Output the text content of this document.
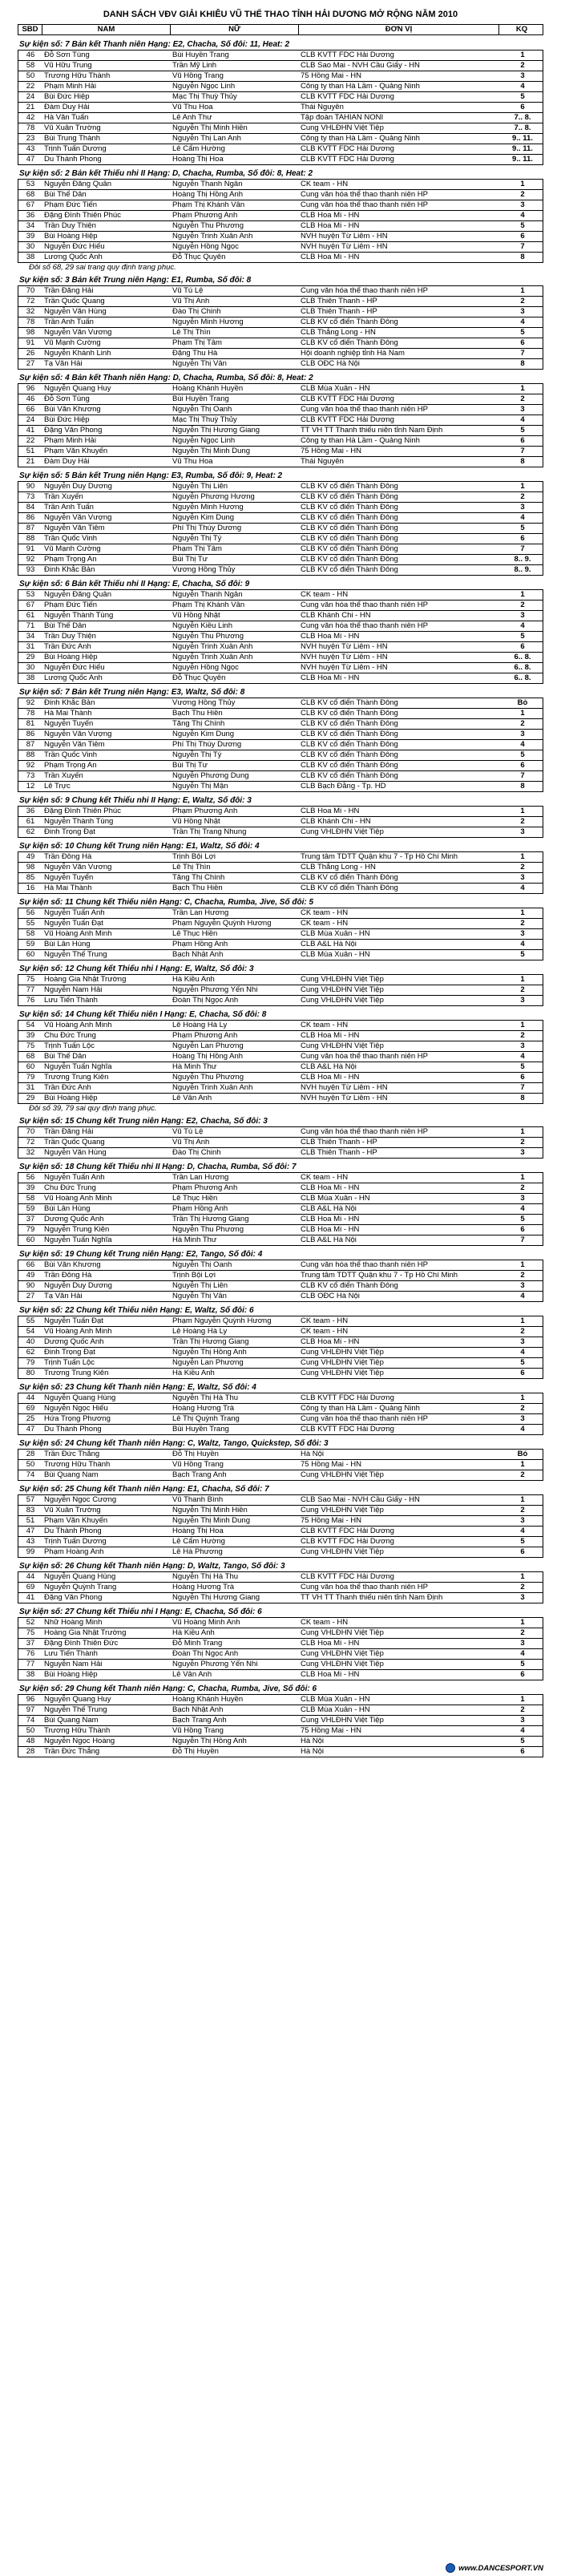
DANH SÁCH VĐV GIẢI KHIÊU VŨ THỂ THAO TỈNH HẢI DƯƠNG MỞ RỘNG NĂM 2010
SBD	NAM	NỮ	ĐƠN VỊ	KQ
Sự kiện số: 7 Bản kết Thanh niên Hạng: E2, Chacha, Số đôi: 11, Heat: 2
46	Đỗ Sơn Tùng	Bùi Huyền Trang	CLB KVTT FDC Hải Dương	1
58	Vũ Hữu Trung	Trần Mỹ Linh	CLB Sao Mai - NVH Cầu Giấy - HN	2
50	Trương Hữu Thành	Vũ Hồng Trang	75 Hồng Mai - HN	3
22	Phạm Minh Hải	Nguyễn Ngọc Linh	Công ty than Hà Lầm - Quảng Ninh	4
24	Bùi Đức Hiệp	Mạc Thị Thuỳ Thủy	CLB KVTT FDC Hải Dương	5
21	Đàm Duy Hải	Vũ Thu Hoa	Thái Nguyên	6
42	Hà Văn Tuấn	Lê Anh Thư	Tập đoàn TAHIAN NONI	7.. 8.
78	Vũ Xuân Trường	Nguyễn Thị Minh Hiền	Cung VHLĐHN Việt Tiệp	7.. 8.
23	Bùi Trung Thành	Nguyễn Thị Lan Anh	Công ty than Hà Lầm - Quảng Ninh	9.. 11.
43	Trịnh Tuấn Dương	Lê Cẩm Hường	CLB KVTT FDC Hải Dương	9.. 11.
47	Du Thành Phong	Hoàng Thị Hoa	CLB KVTT FDC Hải Dương	9.. 11.
Sự kiện số: 2 Bản kết Thiếu nhi II Hạng: D, Chacha, Rumba, Số đôi: 8, Heat: 2
53	Nguyễn Đăng Quân	Nguyễn Thanh Ngân	CK team - HN	1
68	Bùi Thế Dân	Hoàng Thị Hồng Anh	Cung văn hóa thể thao thanh niên HP	2
67	Phạm Đức Tiến	Phạm Thị Khánh Vân	Cung văn hóa thể thao thanh niên HP	3
36	Đặng Đình Thiên Phúc	Phạm Phương Anh	CLB Hoa Mi - HN	4
34	Trần Duy Thiện	Nguyễn Thu Phương	CLB Hoa Mi - HN	5
39	Bùi Hoàng Hiệp	Nguyễn Trinh Xuân Anh	NVH huyện Từ Liêm - HN	6
30	Nguyễn Đức Hiếu	Nguyễn Hồng Ngọc	NVH huyện Từ Liêm - HN	7
38	Lương Quốc Anh	Đỗ Thục Quyên	CLB Hoa Mi - HN	8
Đôi số 68, 29 sai trang quy định trang phục.
Sự kiện số: 3 Bản kết Trung niên Hạng: E1, Rumba, Số đôi: 8
70	Trần Đăng Hải	Vũ Tú Lệ	Cung văn hóa thể thao thanh niên HP	1
72	Trần Quốc Quang	Vũ Thị Anh	CLB Thiên Thanh - HP	2
32	Nguyễn Văn Hùng	Đào Thị Chinh	CLB Thiên Thanh - HP	3
78	Trần Anh Tuấn	Nguyễn Minh Hương	CLB KV cổ điển Thành Đông	4
98	Nguyễn Văn Vương	Lê Thị Thìn	CLB Thắng Long - HN	5
91	Vũ Mạnh Cường	Phạm Thị Tâm	CLB KV cổ điển Thành Đông	6
26	Nguyễn Khánh Linh	Đặng Thu Hà	Hội doanh nghiệp tỉnh Hà Nam	7
27	Tạ Văn Hải	Nguyễn Thị Vân	CLB OĐC Hà Nội	8
Sự kiện số: 4 Bản kết Thanh niên Hạng: D, Chacha, Rumba, Số đôi: 8, Heat: 2
96	Nguyễn Quang Huy	Hoàng Khánh Huyền	CLB Mùa Xuân - HN	1
46	Đỗ Sơn Tùng	Bùi Huyền Trang	CLB KVTT FDC Hải Dương	2
66	Bùi Văn Khương	Nguyễn Thị Oanh	Cung văn hóa thể thao thanh niên HP	3
24	Bùi Đức Hiệp	Mạc Thị Thuỳ Thủy	CLB KVTT FDC Hải Dương	4
41	Đặng Văn Phong	Nguyễn Thị Hương Giang	TT VH TT Thanh thiếu niên tỉnh Nam Định	5
22	Phạm Minh Hải	Nguyễn Ngọc Linh	Công ty than Hà Lầm - Quảng Ninh	6
51	Phạm Văn Khuyến	Nguyễn Thị Minh Dung	75 Hồng Mai - HN	7
21	Đàm Duy Hải	Vũ Thu Hoa	Thái Nguyên	8
Sự kiện số: 5 Bản kết Trung niên Hạng: E3, Rumba, Số đôi: 9, Heat: 2
90	Nguyễn Duy Dương	Nguyễn Thị Liên	CLB KV cổ điển Thành Đông	1
73	Trần Xuyến	Nguyễn Phương Hương	CLB KV cổ điển Thành Đông	2
84	Trần Anh Tuấn	Nguyễn Minh Hương	CLB KV cổ điển Thành Đông	3
86	Nguyễn Văn Vượng	Nguyễn Kim Dung	CLB KV cổ điển Thành Đông	4
87	Nguyễn Văn Tiêm	Phí Thị Thúy Dương	CLB KV cổ điển Thành Đông	5
88	Trần Quốc Vinh	Nguyễn Thị Tý	CLB KV cổ điển Thành Đông	6
91	Vũ Mạnh Cường	Phạm Thị Tâm	CLB KV cổ điển Thành Đông	7
92	Phạm Trọng An	Bùi Thị Tư	CLB KV cổ điển Thành Đông	8.. 9.
93	Đinh Khắc Bản	Vương Hồng Thủy	CLB KV cổ điển Thành Đông	8.. 9.
Sự kiện số: 6 Bản kết Thiếu nhi II Hạng: E, Chacha, Số đôi: 9
53	Nguyễn Đăng Quân	Nguyễn Thanh Ngân	CK team - HN	1
67	Phạm Đức Tiến	Phạm Thị Khánh Vân	Cung văn hóa thể thao thanh niên HP	2
61	Nguyễn Thành Tùng	Vũ Hồng Nhật	CLB Khánh Chi - HN	3
71	Bùi Thế Dân	Nguyễn Kiều Linh	Cung văn hóa thể thao thanh niên HP	4
34	Trần Duy Thiện	Nguyễn Thu Phương	CLB Hoa Mi - HN	5
31	Trần Đức Anh	Nguyễn Trinh Xuân Anh	NVH huyện Từ Liêm - HN	6
29	Bùi Hoàng Hiệp	Nguyễn Trinh Xuân Anh	NVH huyện Từ Liêm - HN	6.. 8.
30	Nguyễn Đức Hiếu	Nguyễn Hồng Ngọc	NVH huyện Từ Liêm - HN	6.. 8.
38	Lương Quốc Anh	Đỗ Thục Quyên	CLB Hoa Mi - HN	6.. 8.
Sự kiện số: 7 Bản kết Trung niên Hạng: E3, Waltz, Số đôi: 8
92	Đinh Khắc Bản	Vương Hồng Thủy	CLB KV cổ điển Thành Đông	Bỏ
78	Hà Mai Thành	Bạch Thu Hiền	CLB KV cổ điển Thành Đông	1
81	Nguyễn Tuyến	Tăng Thị Chính	CLB KV cổ điển Thành Đông	2
86	Nguyễn Văn Vượng	Nguyễn Kim Dung	CLB KV cổ điển Thành Đông	3
87	Nguyễn Văn Tiêm	Phí Thị Thúy Dương	CLB KV cổ điển Thành Đông	4
88	Trần Quốc Vinh	Nguyễn Thị Tý	CLB KV cổ điển Thành Đông	5
92	Phạm Trọng An	Bùi Thị Tư	CLB KV cổ điển Thành Đông	6
73	Trần Xuyến	Nguyễn Phương Dung	CLB KV cổ điển Thành Đông	7
12	Lê Trực	Nguyễn Thị Mận	CLB Bạch Đằng - Tp. HD	8
Sự kiện số: 9 Chung kết Thiếu nhi II Hạng: E, Waltz, Số đôi: 3
36	Đặng Đình Thiên Phúc	Phạm Phương Anh	CLB Hoa Mi - HN	1
61	Nguyễn Thành Tùng	Vũ Hồng Nhật	CLB Khánh Chi - HN	2
62	Đinh Trọng Đạt	Trần Thị Trang Nhung	Cung VHLĐHN Việt Tiệp	3
Sự kiện số: 10 Chung kết Trung niên Hạng: E1, Waltz, Số đôi: 4
49	Trần Đông Hà	Trịnh Bội Lợi	Trung tâm TDTT Quận khu 7 - Tp Hồ Chí Minh	1
98	Nguyễn Văn Vương	Lê Thị Thìn	CLB Thắng Long - HN	2
85	Nguyễn Tuyển	Tăng Thị Chính	CLB KV cổ điển Thành Đông	3
16	Hà Mai Thành	Bạch Thu Hiền	CLB KV cổ điển Thành Đông	4
Sự kiện số: 11 Chung kết Thiếu niên Hạng: C, Chacha, Rumba, Jive, Số đôi: 5
56	Nguyễn Tuấn Anh	Trần Lan Hương	CK team - HN	1
55	Nguyễn Tuấn Đạt	Phạm Nguyễn Quỳnh Hương	CK team - HN	2
58	Vũ Hoàng Anh Minh	Lê Thục Hiền	CLB Mùa Xuân - HN	3
59	Bùi Lân Hùng	Phạm Hồng Anh	CLB A&L Hà Nội	4
60	Nguyễn Thế Trung	Bạch Nhật Anh	CLB Mùa Xuân - HN	5
Sự kiện số: 12 Chung kết Thiếu nhi I Hạng: E, Waltz, Số đôi: 3
75	Hoàng Gia Nhật Trường	Hà Kiều Anh	Cung VHLĐHN Việt Tiệp	1
77	Nguyễn Nam Hải	Nguyễn Phương Yến Nhi	Cung VHLĐHN Việt Tiệp	2
76	Lưu Tiến Thành	Đoàn Thị Ngọc Anh	Cung VHLĐHN Việt Tiệp	3
Sự kiện số: 14 Chung kết Thiếu niên I Hạng: E, Chacha, Số đôi: 8
54	Vũ Hoàng Anh Minh	Lê Hoàng Hà Ly	CK team - HN	1
39	Chu Đức Trung	Phạm Phương Anh	CLB Hoa Mi - HN	2
75	Trịnh Tuấn Lộc	Nguyễn Lan Phương	Cung VHLĐHN Việt Tiệp	3
68	Bùi Thế Dân	Hoàng Thị Hồng Anh	Cung văn hóa thể thao thanh niên HP	4
60	Nguyễn Tuấn Nghĩa	Hà Minh Thư	CLB A&L Hà Nội	5
79	Trương Trung Kiên	Nguyễn Thu Phương	CLB Hoa Mi - HN	6
31	Trần Đức Anh	Nguyễn Trinh Xuân Anh	NVH huyện Từ Liêm - HN	7
29	Bùi Hoàng Hiệp	Lê Vân Anh	NVH huyện Từ Liêm - HN	8
Đôi số 39, 79 sai quy định trang phục.
Sự kiện số: 15 Chung kết Trung niên Hạng: E2, Chacha, Số đôi: 3
70	Trần Đăng Hải	Vũ Tú Lệ	Cung văn hóa thể thao thanh niên HP	1
72	Trần Quốc Quang	Vũ Thị Anh	CLB Thiên Thanh - HP	2
32	Nguyễn Văn Hùng	Đào Thị Chinh	CLB Thiên Thanh - HP	3
Sự kiện số: 18 Chung kết Thiếu nhi II Hạng: D, Chacha, Rumba, Số đôi: 7
56	Nguyễn Tuấn Anh	Trần Lan Hương	CK team - HN	1
39	Chu Đức Trung	Phạm Phương Anh	CLB Hoa Mi - HN	2
58	Vũ Hoàng Anh Minh	Lê Thục Hiền	CLB Mùa Xuân - HN	3
59	Bùi Lân Hùng	Phạm Hồng Anh	CLB A&L Hà Nội	4
37	Dương Quốc Anh	Trần Thị Hương Giang	CLB Hoa Mi - HN	5
79	Nguyễn Trung Kiên	Nguyễn Thu Phương	CLB Hoa Mi - HN	6
60	Nguyễn Tuấn Nghĩa	Hà Minh Thư	CLB A&L Hà Nội	7
Sự kiện số: 19 Chung kết Trung niên Hạng: E2, Tango, Số đôi: 4
66	Bùi Văn Khương	Nguyễn Thị Oanh	Cung văn hóa thể thao thanh niên HP	1
49	Trần Đông Hà	Trịnh Bội Lợi	Trung tâm TDTT Quận khu 7 - Tp Hồ Chí Minh	2
90	Nguyễn Duy Dương	Nguyễn Thị Liên	CLB KV cổ điển Thành Đông	3
27	Tạ Văn Hải	Nguyễn Thị Vân	CLB OĐC Hà Nội	4
Sự kiện số: 22 Chung kết Thiếu niên Hạng: E, Waltz, Số đôi: 6
55	Nguyễn Tuấn Đạt	Phạm Nguyễn Quỳnh Hương	CK team - HN	1
54	Vũ Hoàng Anh Minh	Lê Hoàng Hà Ly	CK team - HN	2
40	Dương Quốc Anh	Trần Thị Hương Giang	CLB Hoa Mi - HN	3
62	Đinh Trọng Đạt	Nguyễn Thị Hồng Anh	Cung VHLĐHN Việt Tiệp	4
79	Trịnh Tuấn Lộc	Nguyễn Lan Phương	Cung VHLĐHN Việt Tiệp	5
80	Trương Trung Kiên	Hà Kiều Anh	Cung VHLĐHN Việt Tiệp	6
Sự kiện số: 23 Chung kết Thanh niên Hạng: E, Waltz, Số đôi: 4
44	Nguyễn Quang Hùng	Nguyễn Thị Hà Thu	CLB KVTT FDC Hải Dương	1
69	Nguyễn Ngọc Hiếu	Hoàng Hương Trà	Công ty than Hà Lầm - Quảng Ninh	2
25	Hứa Trọng Phương	Lê Thị Quỳnh Trang	Cung văn hóa thể thao thanh niên HP	3
47	Du Thành Phong	Bùi Huyền Trang	CLB KVTT FDC Hải Dương	4
Sự kiện số: 24 Chung kết Thanh niên Hạng: C, Waltz, Tango, Quickstep, Số đôi: 3
28	Trần Đức Thắng	Đỗ Thị Huyền	Hà Nội	Bỏ
50	Trương Hữu Thành	Vũ Hồng Trang	75 Hồng Mai - HN	1
74	Bùi Quang Nam	Bạch Trang Anh	Cung VHLĐHN Việt Tiệp	2
Sự kiện số: 25 Chung kết Thanh niên Hạng: E1, Chacha, Số đôi: 7
57	Nguyễn Ngọc Cương	Vũ Thanh Bình	CLB Sao Mai - NVH Cầu Giấy - HN	1
83	Vũ Xuân Trường	Nguyễn Thị Minh Hiền	Cung VHLĐHN Việt Tiệp	2
51	Phạm Văn Khuyến	Nguyễn Thị Minh Dung	75 Hồng Mai - HN	3
47	Du Thành Phong	Hoàng Thị Hoa	CLB KVTT FDC Hải Dương	4
43	Trịnh Tuấn Dương	Lê Cẩm Hường	CLB KVTT FDC Hải Dương	5
99	Phạm Hoàng Anh	Lê Hà Phương	Cung VHLĐHN Việt Tiệp	6
Sự kiện số: 26 Chung kết Thanh niên Hạng: D, Waltz, Tango, Số đôi: 3
44	Nguyễn Quang Hùng	Nguyễn Thị Hà Thu	CLB KVTT FDC Hải Dương	1
69	Nguyễn Quỳnh Trang	Hoàng Hương Trà	Cung văn hóa thể thao thanh niên HP	2
41	Đặng Văn Phong	Nguyễn Thị Hương Giang	TT VH TT Thanh thiếu niên tỉnh Nam Định	3
Sự kiện số: 27 Chung kết Thiếu nhi I Hạng: E, Chacha, Số đôi: 6
52	Nhữ Hoàng Minh	Vũ Hoàng Minh Anh	CK team - HN	1
75	Hoàng Gia Nhật Trường	Hà Kiều Anh	Cung VHLĐHN Việt Tiệp	2
37	Đặng Đình Thiên Đức	Đỗ Minh Trang	CLB Hoa Mi - HN	3
76	Lưu Tiến Thành	Đoàn Thị Ngọc Anh	Cung VHLĐHN Việt Tiệp	4
77	Nguyễn Nam Hải	Nguyễn Phương Yến Nhi	Cung VHLĐHN Việt Tiệp	5
38	Bùi Hoàng Hiệp	Lê Vân Anh	CLB Hoa Mi - HN	6
Sự kiện số: 29 Chung kết Thanh niên Hạng: C, Chacha, Rumba, Jive, Số đôi: 6
96	Nguyễn Quang Huy	Hoàng Khánh Huyền	CLB Mùa Xuân - HN	1
97	Nguyễn Thế Trung	Bạch Nhật Anh	CLB Mùa Xuân - HN	2
74	Bùi Quang Nam	Bạch Trang Anh	Cung VHLĐHN Việt Tiệp	3
50	Trương Hữu Thành	Vũ Hồng Trang	75 Hồng Mai - HN	4
48	Nguyễn Ngọc Hoàng	Nguyễn Thị Hồng Anh	Hà Nội	5
28	Trần Đức Thắng	Đỗ Thị Huyền	Hà Nội	6
www.DANCESPORT.VN
